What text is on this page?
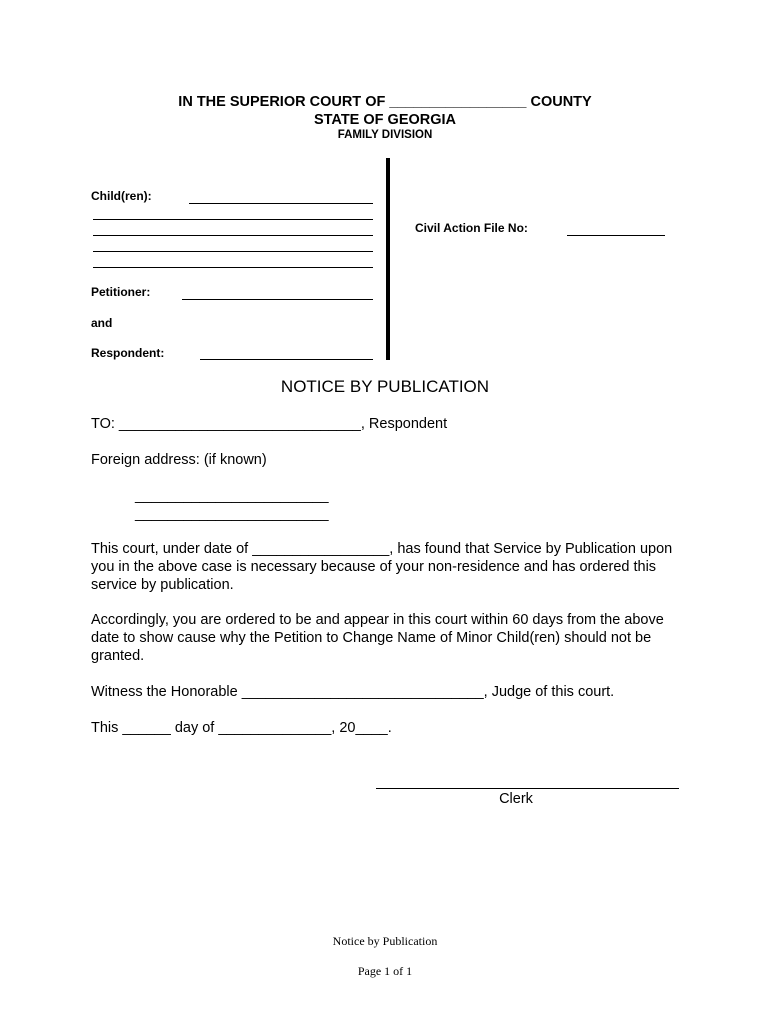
IN THE SUPERIOR COURT OF _________________ COUNTY
STATE OF GEORGIA
FAMILY DIVISION
Child(ren):
Petitioner:
and
Respondent:
Civil Action File No:
NOTICE BY PUBLICATION
TO: ______________________________, Respondent
Foreign address: (if known)
________________________
________________________
This court, under date of _________________, has found that Service by Publication upon you in the above case is necessary because of your non-residence and has ordered this service by publication.
Accordingly, you are ordered to be and appear in this court within 60 days from the above date to show cause why the Petition to Change Name of Minor Child(ren) should not be granted.
Witness the Honorable ______________________________, Judge of this court.
This ______ day of ______________, 20____.
Clerk
Notice by Publication
Page 1 of 1
